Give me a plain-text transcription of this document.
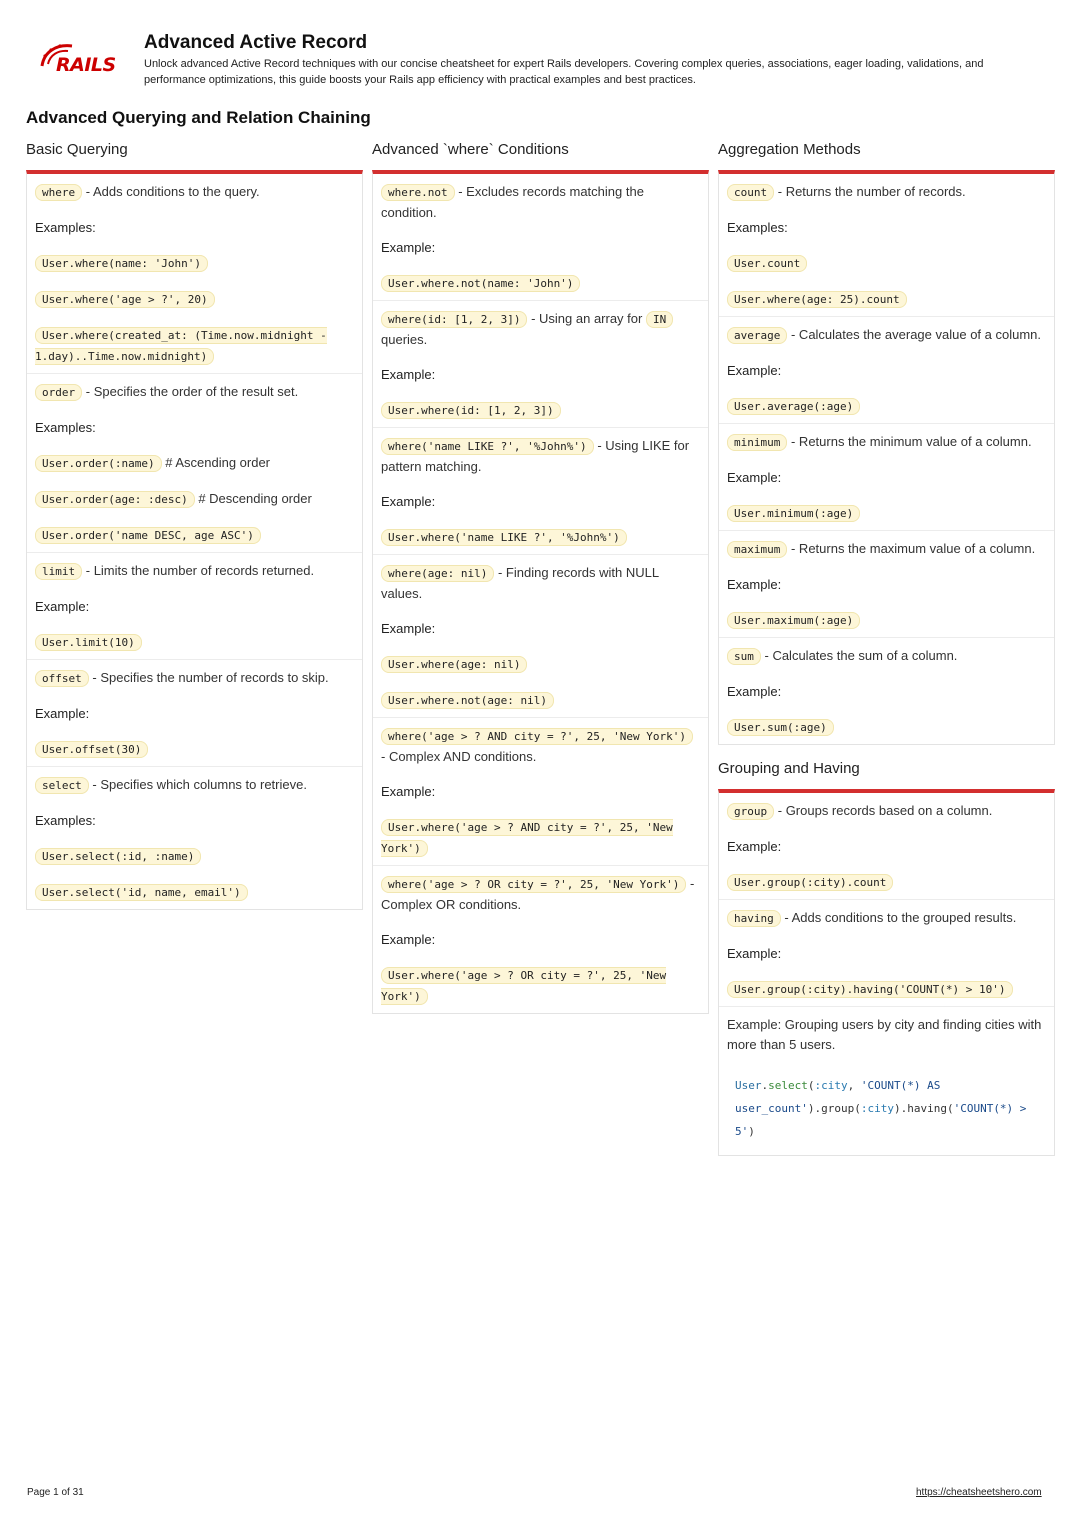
RAILS
Advanced Active Record
Unlock advanced Active Record techniques with our concise cheatsheet for expert Rails developers. Covering complex queries, associations, eager loading, validations, and performance optimizations, this guide boosts your Rails app efficiency with practical examples and best practices.
Advanced Querying and Relation Chaining
Basic Querying

where - Adds conditions to the query.

Examples:

User.where(name: 'John')

User.where('age > ?', 20)

User.where(created_at: (Time.now.midnight - 1.day)..Time.now.midnight)

order - Specifies the order of the result set.

Examples:

User.order(:name) # Ascending order

User.order(age: :desc) # Descending order

User.order('name DESC, age ASC')

limit - Limits the number of records returned.

Example:

User.limit(10)

offset - Specifies the number of records to skip.

Example:

User.offset(30)

select - Specifies which columns to retrieve.

Examples:

User.select(:id, :name)

User.select('id, name, email')

Advanced `where` Conditions

where.not - Excludes records matching the condition.

Example:

User.where.not(name: 'John')

where(id: [1, 2, 3]) - Using an array for IN queries.

Example:

User.where(id: [1, 2, 3])

where('name LIKE ?', '%John%') - Using LIKE for pattern matching.

Example:

User.where('name LIKE ?', '%John%')

where(age: nil) - Finding records with NULL values.

Example:

User.where(age: nil)

User.where.not(age: nil)

where('age > ? AND city = ?', 25, 'New York') - Complex AND conditions.

Example:

User.where('age > ? AND city = ?', 25, 'New York')

where('age > ? OR city = ?', 25, 'New York') - Complex OR conditions.

Example:

User.where('age > ? OR city = ?', 25, 'New York')

Aggregation Methods

count - Returns the number of records.

Examples:

User.count

User.where(age: 25).count

average - Calculates the average value of a column.

Example:

User.average(:age)

minimum - Returns the minimum value of a column.

Example:

User.minimum(:age)

maximum - Returns the maximum value of a column.

Example:

User.maximum(:age)

sum - Calculates the sum of a column.

Example:

User.sum(:age)

Grouping and Having

group - Groups records based on a column.

Example:

User.group(:city).count

having - Adds conditions to the grouped results.

Example:

User.group(:city).having('COUNT(*) > 10')

Example: Grouping users by city and finding cities with more than 5 users.

User.select(:city, 'COUNT(*) AS user_count').group(:city).having('COUNT(*) > 5')
Page 1 of 31	https://cheatsheetshero.com
